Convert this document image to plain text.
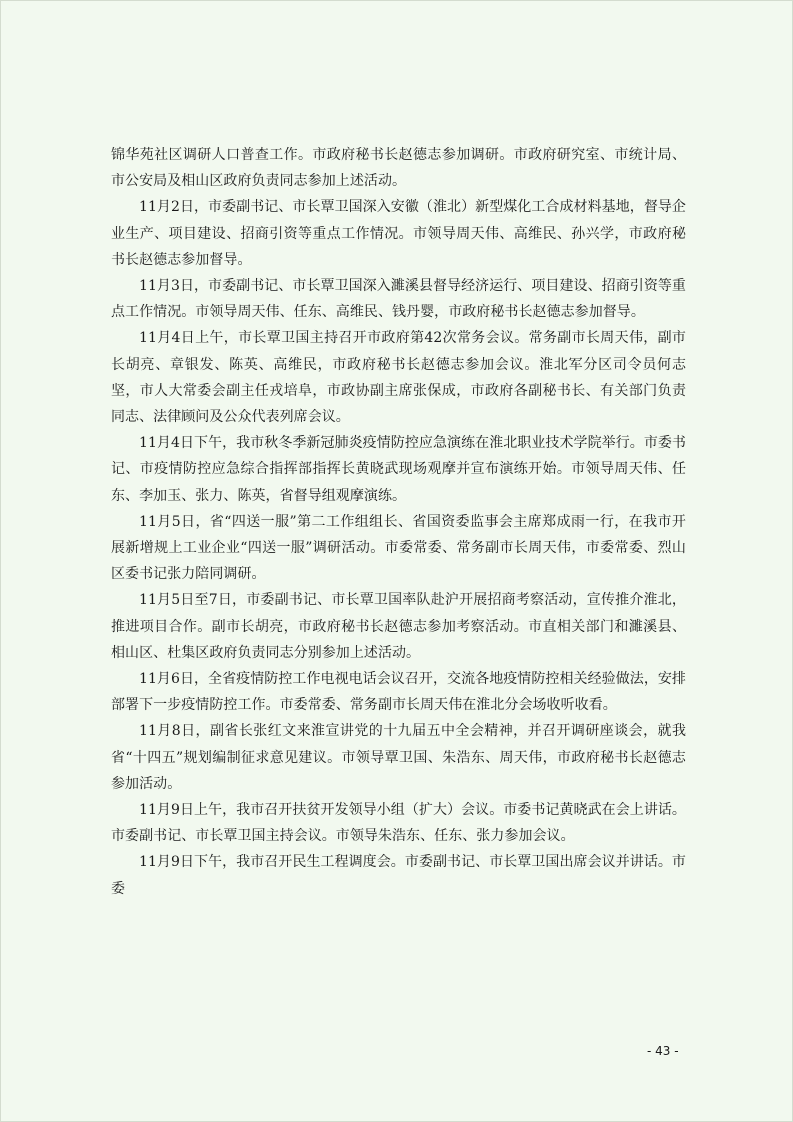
锦华苑社区调研人口普查工作。市政府秘书长赵德志参加调研。市政府研究室、市统计局、市公安局及相山区政府负责同志参加上述活动。

11月2日，市委副书记、市长覃卫国深入安徽（淮北）新型煤化工合成材料基地，督导企业生产、项目建设、招商引资等重点工作情况。市领导周天伟、高维民、孙兴学，市政府秘书长赵德志参加督导。

11月3日，市委副书记、市长覃卫国深入濉溪县督导经济运行、项目建设、招商引资等重点工作情况。市领导周天伟、任东、高维民、钱丹婴，市政府秘书长赵德志参加督导。

11月4日上午，市长覃卫国主持召开市政府第42次常务会议。常务副市长周天伟，副市长胡亮、章银发、陈英、高维民，市政府秘书长赵德志参加会议。淮北军分区司令员何志坚，市人大常委会副主任戎培阜，市政协副主席张保成，市政府各副秘书长、有关部门负责同志、法律顾问及公众代表列席会议。

11月4日下午，我市秋冬季新冠肺炎疫情防控应急演练在淮北职业技术学院举行。市委书记、市疫情防控应急综合指挥部指挥长黄晓武现场观摩并宣布演练开始。市领导周天伟、任东、李加玉、张力、陈英，省督导组观摩演练。

11月5日，省“四送一服”第二工作组组长、省国资委监事会主席郑成雨一行，在我市开展新增规上工业企业“四送一服”调研活动。市委常委、常务副市长周天伟，市委常委、烈山区委书记张力陪同调研。

11月5日至7日，市委副书记、市长覃卫国率队赴沪开展招商考察活动，宣传推介淮北，推进项目合作。副市长胡亮，市政府秘书长赵德志参加考察活动。市直相关部门和濉溪县、相山区、杜集区政府负责同志分别参加上述活动。

11月6日，全省疫情防控工作电视电话会议召开，交流各地疫情防控相关经验做法，安排部署下一步疫情防控工作。市委常委、常务副市长周天伟在淮北分会场收听收看。

11月8日，副省长张红文来淮宣讲党的十九届五中全会精神，并召开调研座谈会，就我省“十四五”规划编制征求意见建议。市领导覃卫国、朱浩东、周天伟，市政府秘书长赵德志参加活动。

11月9日上午，我市召开扶贫开发领导小组（扩大）会议。市委书记黄晓武在会上讲话。市委副书记、市长覃卫国主持会议。市领导朱浩东、任东、张力参加会议。

11月9日下午，我市召开民生工程调度会。市委副书记、市长覃卫国出席会议并讲话。市委

- 43 -
